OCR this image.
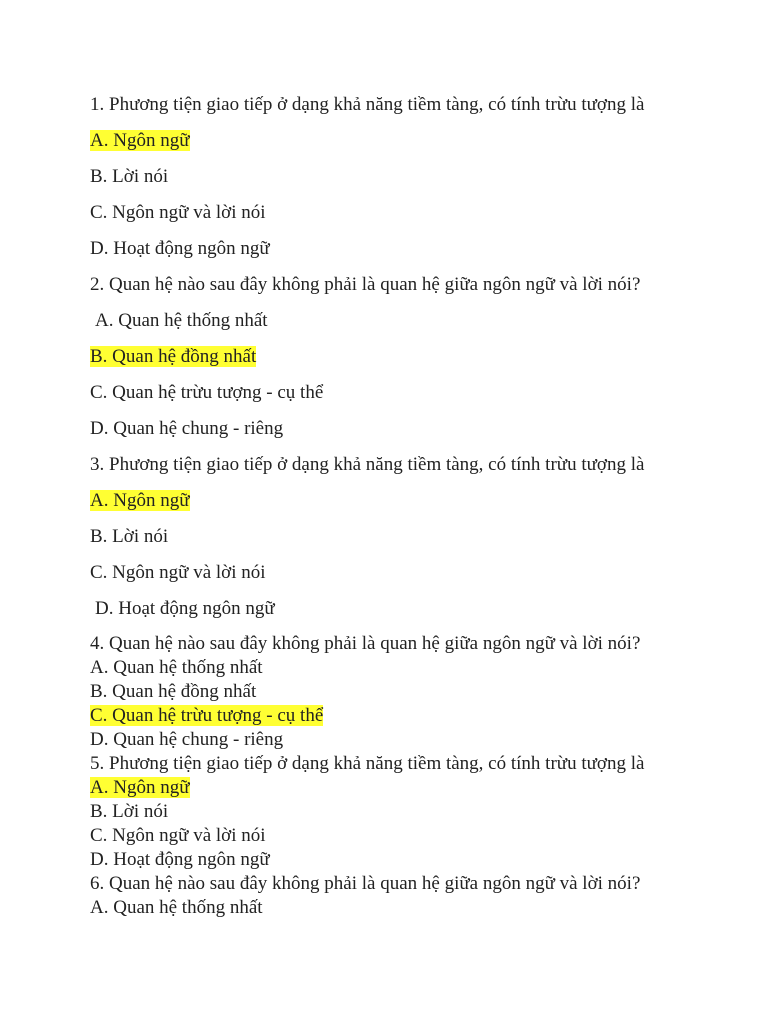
1. Phương tiện giao tiếp ở dạng khả năng tiềm tàng, có tính trừu tượng là
A. Ngôn ngữ
B. Lời nói
C. Ngôn ngữ và lời nói
D. Hoạt động ngôn ngữ
2. Quan hệ nào sau đây không phải là quan hệ giữa ngôn ngữ và lời nói?
A. Quan hệ thống nhất
B. Quan hệ đồng nhất
C. Quan hệ trừu tượng - cụ thể
D. Quan hệ chung - riêng
3. Phương tiện giao tiếp ở dạng khả năng tiềm tàng, có tính trừu tượng là
A. Ngôn ngữ
B. Lời nói
C. Ngôn ngữ và lời nói
D. Hoạt động ngôn ngữ
4. Quan hệ nào sau đây không phải là quan hệ giữa ngôn ngữ và lời nói?
A. Quan hệ thống nhất
B. Quan hệ đồng nhất
C. Quan hệ trừu tượng - cụ thể
D. Quan hệ chung - riêng
5. Phương tiện giao tiếp ở dạng khả năng tiềm tàng, có tính trừu tượng là
A. Ngôn ngữ
B. Lời nói
C. Ngôn ngữ và lời nói
D. Hoạt động ngôn ngữ
6. Quan hệ nào sau đây không phải là quan hệ giữa ngôn ngữ và lời nói?
A. Quan hệ thống nhất
